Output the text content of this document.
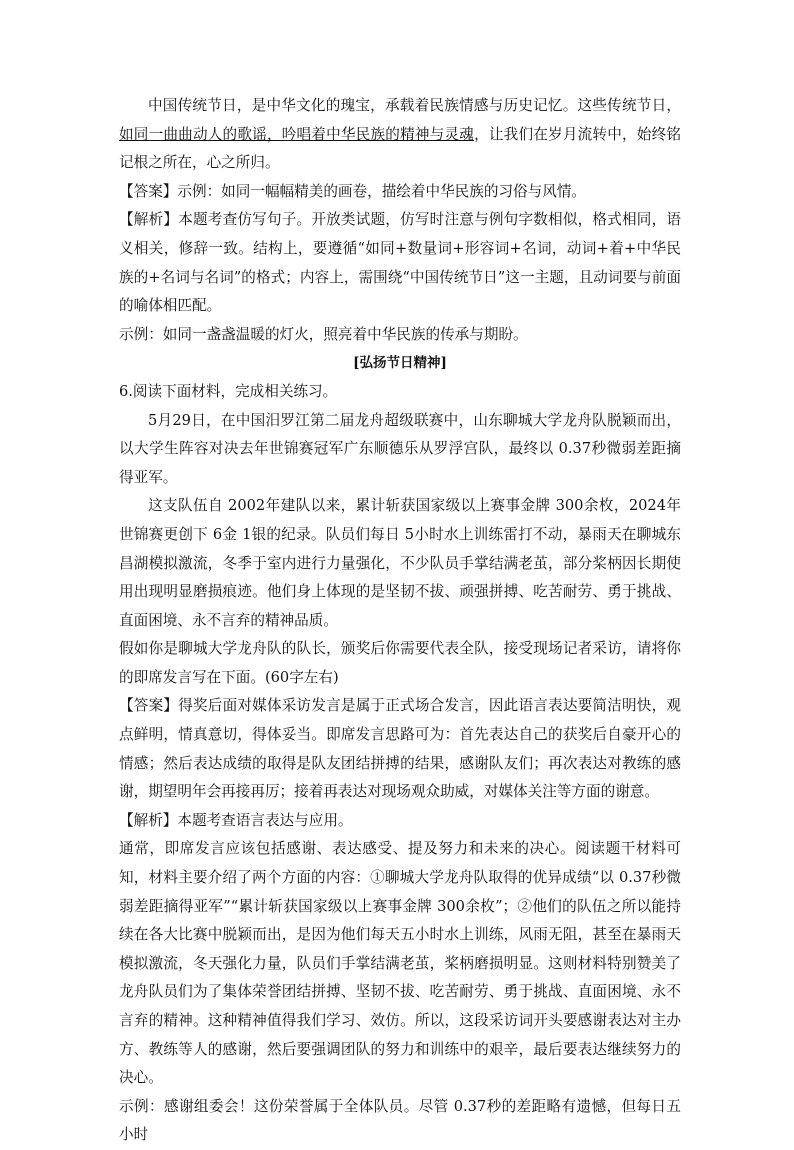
中国传统节日，是中华文化的瑰宝，承载着民族情感与历史记忆。这些传统节日，如同一曲曲动人的歌谣，吟唱着中华民族的精神与灵魂，让我们在岁月流转中，始终铭记根之所在，心之所归。

【答案】示例：如同一幅幅精美的画卷，描绘着中华民族的习俗与风情。

【解析】本题考查仿写句子。开放类试题，仿写时注意与例句字数相似，格式相同，语义相关，修辞一致。结构上，要遵循“如同+数量词+形容词+名词，动词+着+中华民族的+名词与名词”的格式；内容上，需围绕“中国传统节日”这一主题，且动词要与前面的喻体相匹配。

示例：如同一盏盏温暖的灯火，照亮着中华民族的传承与期盼。

[弘扬节日精神]

6.阅读下面材料，完成相关练习。

5月29日，在中国汨罗江第二届龙舟超级联赛中，山东聊城大学龙舟队脱颖而出，以大学生阵容对决去年世锦赛冠军广东顺德乐从罗浮宫队，最终以 0.37秒微弱差距摘得亚军。

这支队伍自 2002年建队以来，累计斩获国家级以上赛事金牌 300余枚，2024年世锦赛更创下 6金 1银的纪录。队员们每日 5小时水上训练雷打不动，暴雨天在聊城东昌湖模拟激流，冬季于室内进行力量强化，不少队员手掌结满老茧，部分桨柄因长期使用出现明显磨损痕迹。他们身上体现的是坚韧不拔、顽强拼搏、吃苦耐劳、勇于挑战、直面困境、永不言弃的精神品质。

假如你是聊城大学龙舟队的队长，颁奖后你需要代表全队，接受现场记者采访，请将你的即席发言写在下面。(60字左右)

【答案】得奖后面对媒体采访发言是属于正式场合发言，因此语言表达要简洁明快，观点鲜明，情真意切，得体妥当。即席发言思路可为：首先表达自己的获奖后自豪开心的情感；然后表达成绩的取得是队友团结拼搏的结果，感谢队友们；再次表达对教练的感谢，期望明年会再接再厉；接着再表达对现场观众助威，对媒体关注等方面的谢意。

【解析】本题考查语言表达与应用。

通常，即席发言应该包括感谢、表达感受、提及努力和未来的决心。阅读题干材料可知，材料主要介绍了两个方面的内容：①聊城大学龙舟队取得的优异成绩“以 0.37秒微弱差距摘得亚军”“累计斩获国家级以上赛事金牌 300余枚”；②他们的队伍之所以能持续在各大比赛中脱颖而出，是因为他们每天五小时水上训练，风雨无阻，甚至在暴雨天模拟激流，冬天强化力量，队员们手掌结满老茧，桨柄磨损明显。这则材料特别赞美了龙舟队员们为了集体荣誉团结拼搏、坚韧不拔、吃苦耐劳、勇于挑战、直面困境、永不言弃的精神。这种精神值得我们学习、效仿。所以，这段采访词开头要感谢表达对主办方、教练等人的感谢，然后要强调团队的努力和训练中的艰辛，最后要表达继续努力的决心。

示例：感谢组委会！这份荣誉属于全体队员。尽管 0.37秒的差距略有遗憾，但每日五小时
